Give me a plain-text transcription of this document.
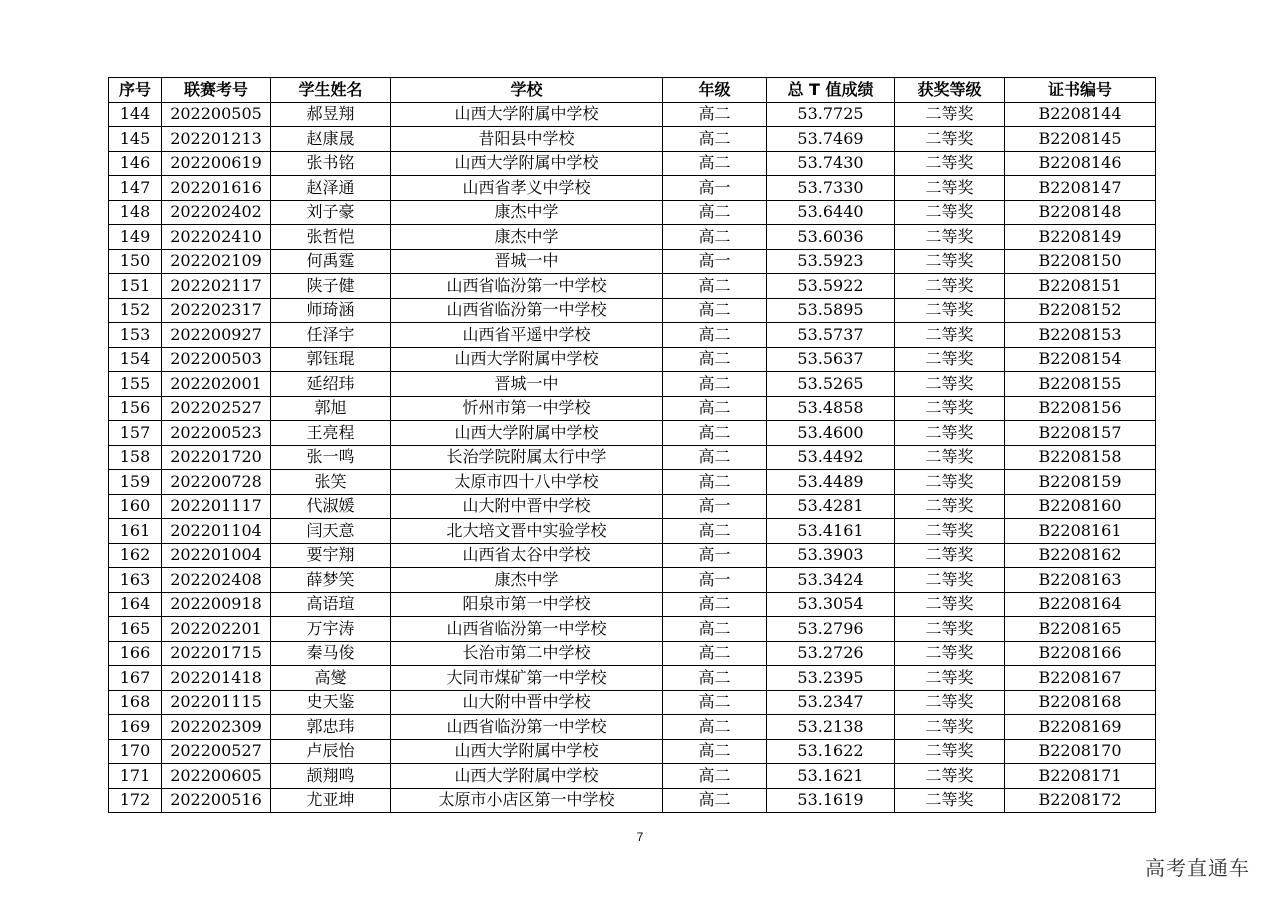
序号	联赛考号	学生姓名	学校	年级	总 T 值成绩	获奖等级	证书编号
144	202200505	郝昱翔	山西大学附属中学校	高二	53.7725	二等奖	B2208144
145	202201213	赵康晟	昔阳县中学校	高二	53.7469	二等奖	B2208145
146	202200619	张书铭	山西大学附属中学校	高二	53.7430	二等奖	B2208146
147	202201616	赵泽通	山西省孝义中学校	高一	53.7330	二等奖	B2208147
148	202202402	刘子豪	康杰中学	高二	53.6440	二等奖	B2208148
149	202202410	张哲恺	康杰中学	高二	53.6036	二等奖	B2208149
150	202202109	何禹霆	晋城一中	高一	53.5923	二等奖	B2208150
151	202202117	陕子健	山西省临汾第一中学校	高二	53.5922	二等奖	B2208151
152	202202317	师琦涵	山西省临汾第一中学校	高二	53.5895	二等奖	B2208152
153	202200927	任泽宇	山西省平遥中学校	高二	53.5737	二等奖	B2208153
154	202200503	郭钰琨	山西大学附属中学校	高二	53.5637	二等奖	B2208154
155	202202001	延绍玮	晋城一中	高二	53.5265	二等奖	B2208155
156	202202527	郭旭	忻州市第一中学校	高二	53.4858	二等奖	B2208156
157	202200523	王亮程	山西大学附属中学校	高二	53.4600	二等奖	B2208157
158	202201720	张一鸣	长治学院附属太行中学	高二	53.4492	二等奖	B2208158
159	202200728	张笑	太原市四十八中学校	高二	53.4489	二等奖	B2208159
160	202201117	代淑媛	山大附中晋中学校	高一	53.4281	二等奖	B2208160
161	202201104	闫天意	北大培文晋中实验学校	高二	53.4161	二等奖	B2208161
162	202201004	要宇翔	山西省太谷中学校	高一	53.3903	二等奖	B2208162
163	202202408	薛梦笑	康杰中学	高一	53.3424	二等奖	B2208163
164	202200918	高语瑄	阳泉市第一中学校	高二	53.3054	二等奖	B2208164
165	202202201	万宇涛	山西省临汾第一中学校	高二	53.2796	二等奖	B2208165
166	202201715	秦马俊	长治市第二中学校	高二	53.2726	二等奖	B2208166
167	202201418	高燮	大同市煤矿第一中学校	高二	53.2395	二等奖	B2208167
168	202201115	史天鉴	山大附中晋中学校	高二	53.2347	二等奖	B2208168
169	202202309	郭忠玮	山西省临汾第一中学校	高二	53.2138	二等奖	B2208169
170	202200527	卢辰怡	山西大学附属中学校	高二	53.1622	二等奖	B2208170
171	202200605	颉翔鸣	山西大学附属中学校	高二	53.1621	二等奖	B2208171
172	202200516	尤亚坤	太原市小店区第一中学校	高二	53.1619	二等奖	B2208172
7
高考直通车
